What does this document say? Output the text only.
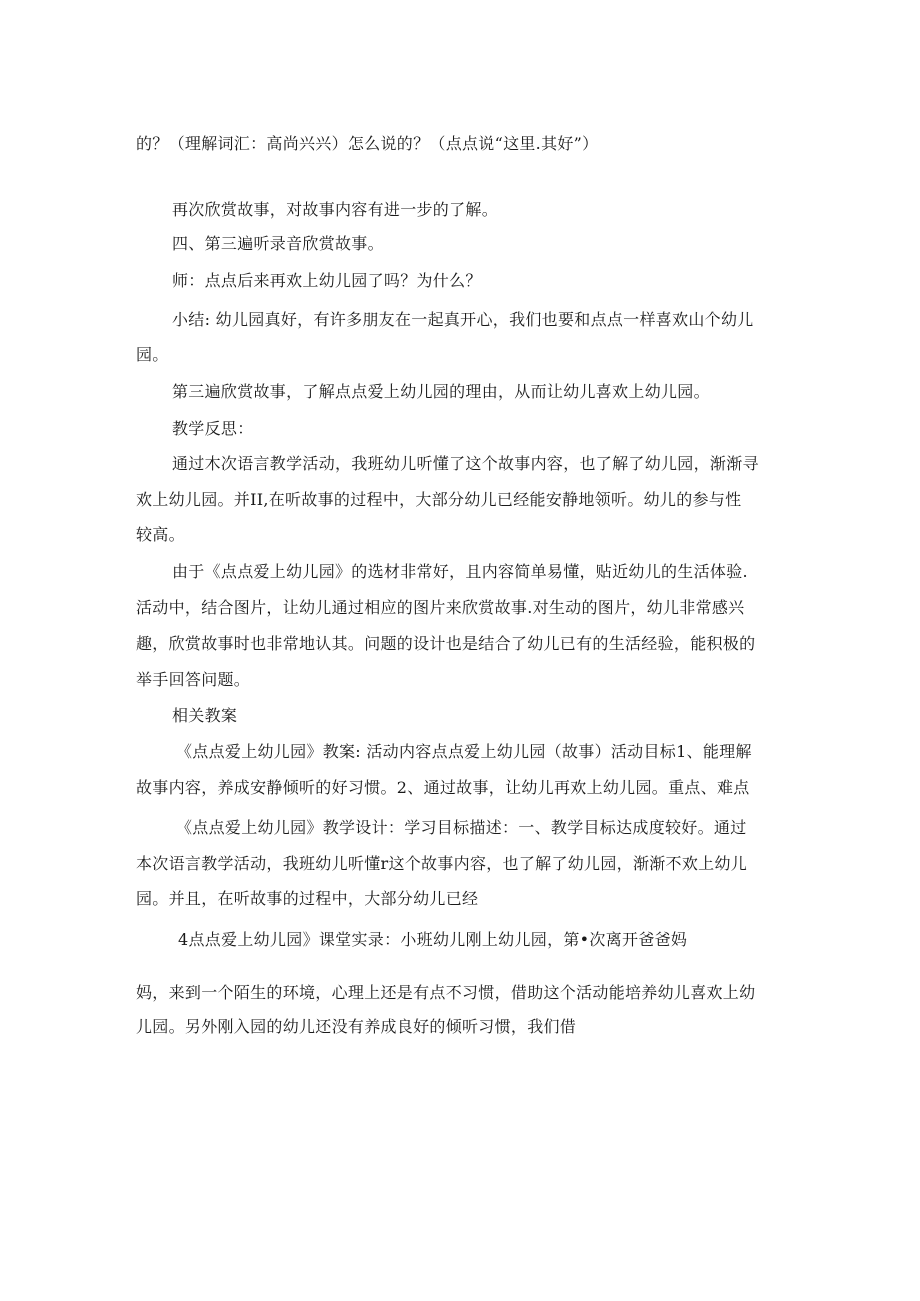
的？（理解词汇：高尚兴兴）怎么说的？（点点说“这里.其好”）
再次欣赏故事，对故事内容有进一步的了解。
四、第三遍听录音欣赏故事。
师：点点后来再欢上幼儿园了吗？为什么？
小结: 幼儿园真好，有许多朋友在一起真开心，我们也要和点点一样喜欢山个幼儿
园。
第三遍欣赏故事，了解点点爱上幼儿园的理由，从而让幼儿喜欢上幼儿园。
教学反思：
通过木次语言教学活动，我班幼儿听懂了这个故事内容，也了解了幼儿园，渐渐寻
欢上幼儿园。并II,在听故事的过程中，大部分幼儿已经能安静地领听。幼儿的参与性
较高。
由于《点点爱上幼儿园》的选材非常好，且内容简单易懂，贴近幼儿的生活体验.
活动中，结合图片，让幼儿通过相应的图片来欣赏故事.对生动的图片，幼儿非常感兴
趣，欣赏故事时也非常地认其。问题的设计也是结合了幼儿已有的生活经验，能积极的
举手回答问题。
相关教案
《点点爱上幼儿园》教案: 活动内容点点爱上幼儿园（故事）活动目标1、能理解
故事内容，养成安静倾听的好习惯。2、通过故事，让幼儿再欢上幼儿园。重点、难点
《点点爱上幼儿园》教学设计：学习目标描述：一、教学目标达成度较好。通过
本次语言教学活动，我班幼儿听懂r这个故事内容，也了解了幼儿园，渐渐不欢上幼儿
园。并且，在听故事的过程中，大部分幼儿已经
4点点爱上幼儿园》课堂实录：小班幼儿刚上幼儿园，第•次离开爸爸妈
妈，来到一个陌生的环境，心理上还是有点不习惯，借助这个活动能培养幼儿喜欢上幼
儿园。另外刚入园的幼儿还没有养成良好的倾听习惯，我们借
